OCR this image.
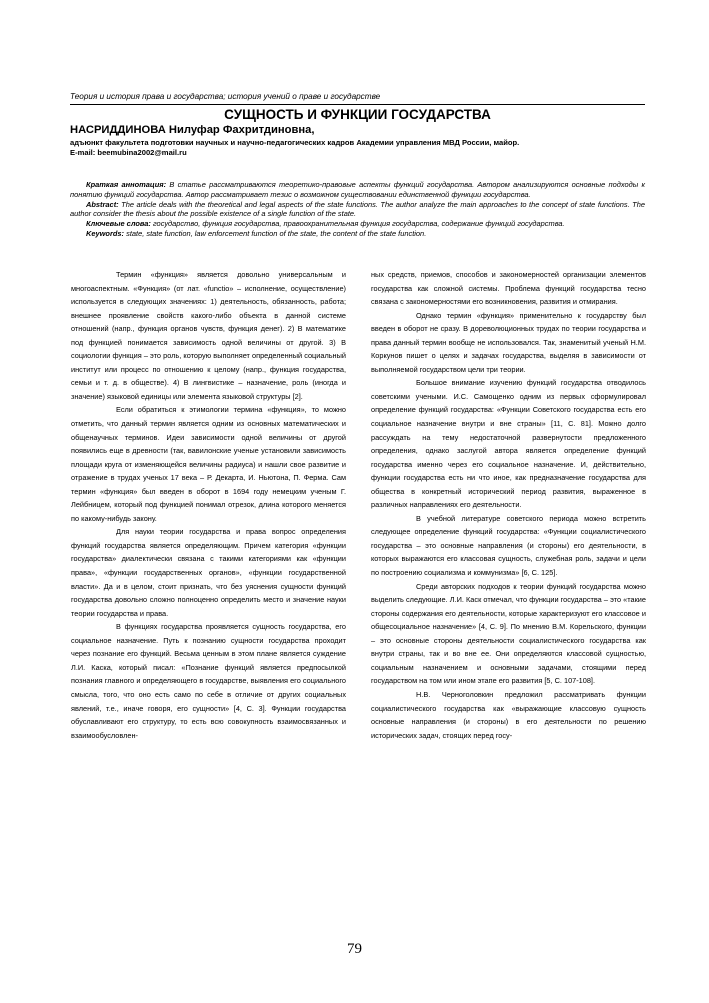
Теория и история права и государства; история учений о праве и государстве
СУЩНОСТЬ И ФУНКЦИИ ГОСУДАРСТВА
НАСРИДДИНОВА Нилуфар Фахритдиновна,
адъюнкт факультета подготовки научных и научно-педагогических кадров Академии управления МВД России, майор.
E-mail: beemubina2002@mail.ru

Краткая аннотация: В статье рассматриваются теоретико-правовые аспекты функций государства. Автором анализируются основные подходы к понятию функций государства. Автор рассматривает тезис о возможном существовании единственной функции государства.

Abstract: The article deals with the theoretical and legal aspects of the state functions. The author analyze the main approaches to the concept of state functions. The author consider the thesis about the possible existence of a single function of the state.

Ключевые слова: государство, функция государства, правоохранительная функция государства, содержание функций государства.

Keywords: state, state function, law enforcement function of the state, the content of the state function.

Термин «функция» является довольно универсальным и многоаспектным. «Функция» (от лат. «functio» – исполнение, осуществление) используется в следующих значениях: 1) деятельность, обязанность, работа; внешнее проявление свойств какого-либо объекта в данной системе отношений (напр., функция органов чувств, функция денег). 2) В математике под функцией понимается зависимость одной величины от другой. 3) В социологии функция – это роль, которую выполняет определенный социальный институт или процесс по отношению к целому (напр., функция государства, семьи и т. д. в обществе). 4) В лингвистике – назначение, роль (иногда и значение) языковой единицы или элемента языковой структуры [2].

Если обратиться к этимологии термина «функция», то можно отметить, что данный термин является одним из основных математических и общенаучных терминов. Идеи зависимости одной величины от другой появились еще в древности (так, вавилонские ученые установили зависимость площади круга от изменяющейся величины радиуса) и нашли свое развитие и отражение в трудах ученых 17 века – Р. Декарта, И. Ньютона, П. Ферма. Сам термин «функция» был введен в оборот в 1694 году немецким ученым Г. Лейбницем, который под функцией понимал отрезок, длина которого меняется по какому-нибудь закону.

Для науки теории государства и права вопрос определения функций государства является определяющим. Причем категория «функции государства» диалектически связана с такими категориями как «функции права», «функции государственных органов», «функции государственной власти». Да и в целом, стоит признать, что без уяснения сущности функций государства довольно сложно полноценно определить место и значение науки теории государства и права.

В функциях государства проявляется сущность государства, его социальное назначение. Путь к познанию сущности государства проходит через познание его функций. Весьма ценным в этом плане является суждение Л.И. Каска, который писал: «Познание функций является предпосылкой познания главного и определяющего в государстве, выявления его социального смысла, того, что оно есть само по себе в отличие от других социальных явлений, т.е., иначе говоря, его сущности» [4, С. 3]. Функции государства обуславливают его структуру, то есть всю совокупность взаимосвязанных и взаимообусловлен-

ных средств, приемов, способов и закономерностей организации элементов государства как сложной системы. Проблема функций государства тесно связана с закономерностями его возникновения, развития и отмирания.

Однако термин «функция» применительно к государству был введен в оборот не сразу. В дореволюционных трудах по теории государства и права данный термин вообще не использовался. Так, знаменитый ученый Н.М. Коркунов пишет о целях и задачах государства, выделяя в зависимости от выполняемой государством цели три теории.

Большое внимание изучению функций государства отводилось советскими учеными. И.С. Самощенко одним из первых сформулировал определение функций государства: «Функции Советского государства есть его социальное назначение внутри и вне страны» [11, С. 81]. Можно долго рассуждать на тему недостаточной развернутости предложенного определения, однако заслугой автора является определение функций государства именно через его социальное назначение. И, действительно, функции государства есть ни что иное, как предназначение государства для общества в конкретный исторический период развития, выраженное в различных направлениях его деятельности.

В учебной литературе советского периода можно встретить следующее определение функций государства: «Функции социалистического государства – это основные направления (и стороны) его деятельности, в которых выражаются его классовая сущность, служебная роль, задачи и цели по построению социализма и коммунизма» [6, С. 125].

Среди авторских подходов к теории функций государства можно выделить следующие. Л.И. Каск отмечал, что функции государства – это «такие стороны содержания его деятельности, которые характеризуют его классовое и общесоциальное назначение» [4, С. 9]. По мнению В.М. Корельского, функции – это основные стороны деятельности социалистического государства как внутри страны, так и во вне ее. Они определяются классовой сущностью, социальным назначением и основными задачами, стоящими перед государством на том или ином этапе его развития [5, С. 107-108].

Н.В. Черноголовкин предложил рассматривать функции социалистического государства как «выражающие классовую сущность основные направления (и стороны) в его деятельности по решению исторических задач, стоящих перед госу-

79
